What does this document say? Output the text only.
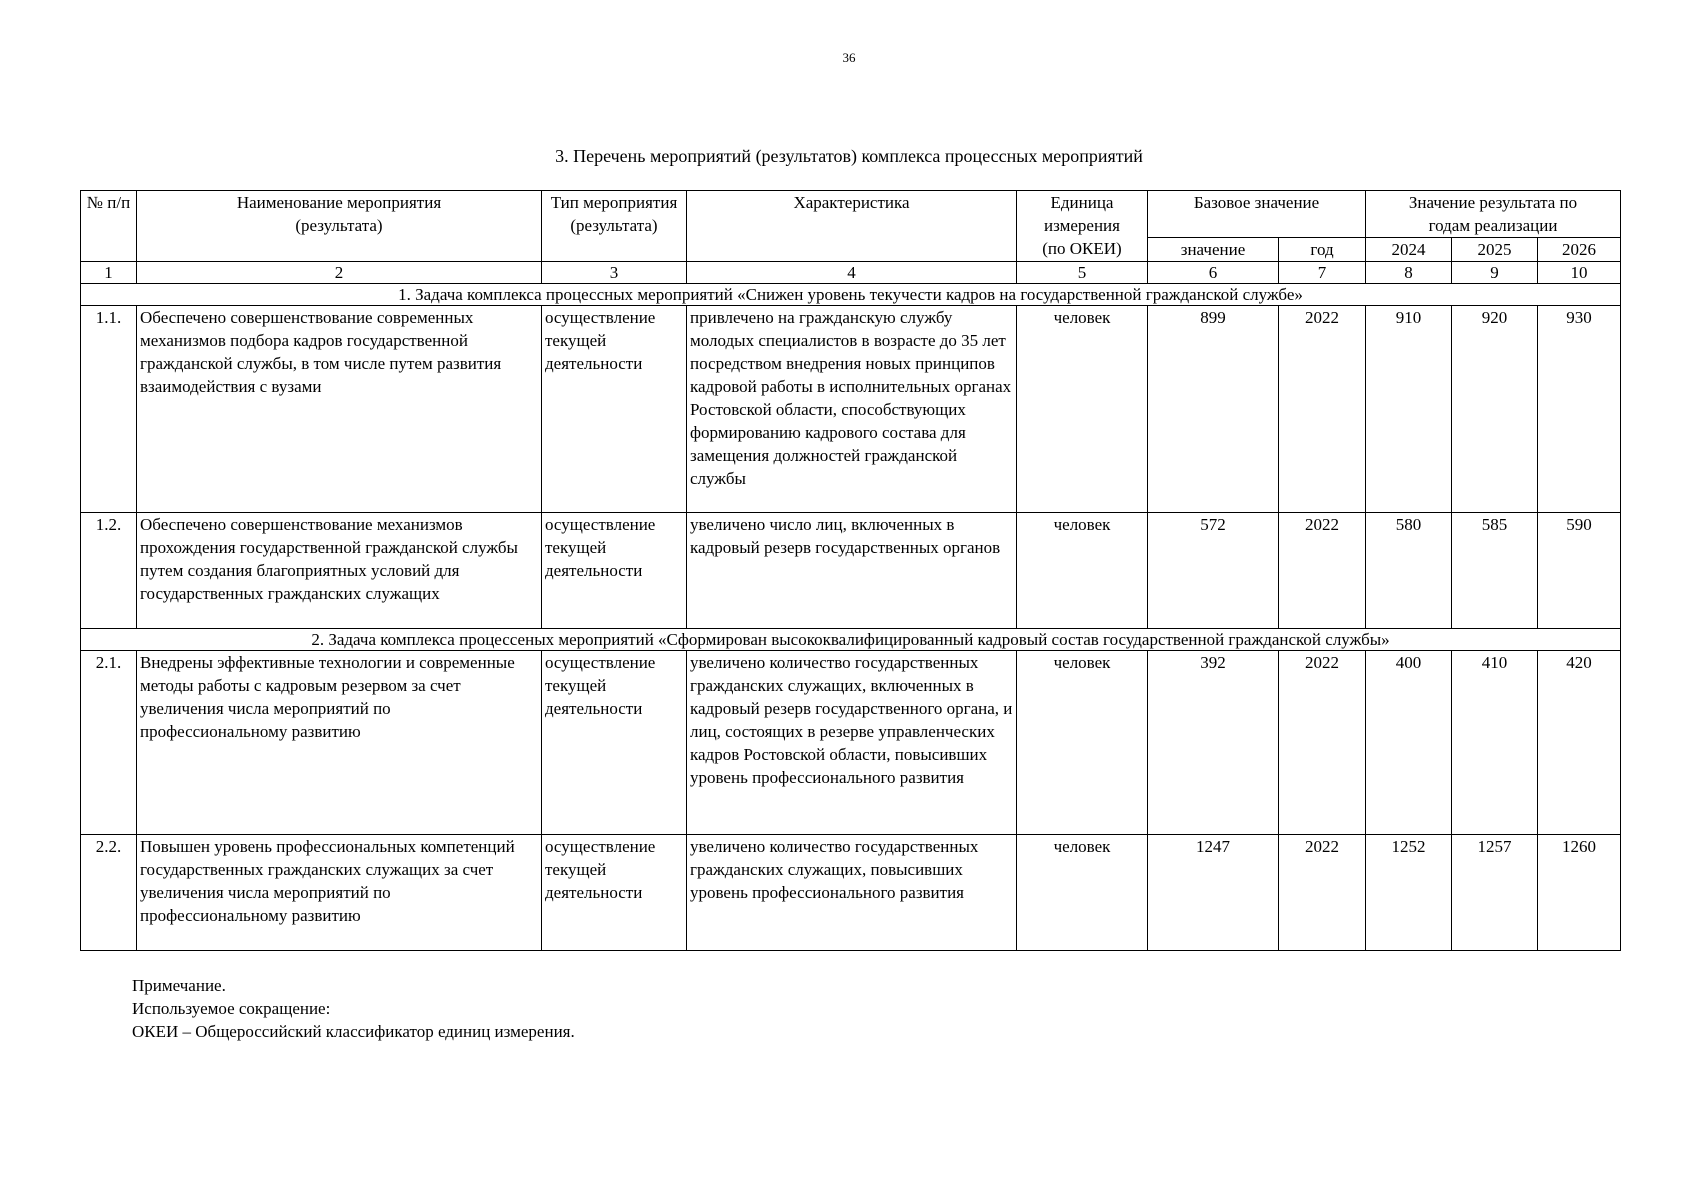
36
3. Перечень мероприятий (результатов) комплекса процессных мероприятий
№ п/п	Наименование мероприятия (результата)	Тип мероприятия (результата)	Характеристика	Единица измерения (по ОКЕИ)	Базовое значение		Значение результата по годам реализации		
					значение	год	2024	2025	2026
1	2	3	4	5	6	7	8	9	10
1. Задача комплекса процессных мероприятий «Снижен уровень текучести кадров на государственной гражданской службе»									
1.1.	Обеспечено совершенствование современных механизмов подбора кадров государственной гражданской службы, в том числе путем развития взаимодействия с вузами	осуществление текущей деятельности	привлечено на гражданскую службу молодых специалистов в возрасте до 35 лет посредством внедрения новых принципов кадровой работы в исполнительных органах Ростовской области, способствующих формированию кадрового состава для замещения должностей гражданской службы	человек	899	2022	910	920	930
1.2.	Обеспечено совершенствование механизмов прохождения государственной гражданской службы путем создания благоприятных условий для государственных гражданских служащих	осуществление текущей деятельности	увеличено число лиц, включенных в кадровый резерв государственных органов	человек	572	2022	580	585	590
2. Задача комплекса процессеных мероприятий «Сформирован высококвалифицированный кадровый состав государственной гражданской службы»									
2.1.	Внедрены эффективные технологии и современные методы работы с кадровым резервом за счет увеличения числа мероприятий по профессиональному развитию	осуществление текущей деятельности	увеличено количество государственных гражданских служащих, включенных в кадровый резерв государственного органа, и лиц, состоящих в резерве управленческих кадров Ростовской области, повысивших уровень профессионального развития	человек	392	2022	400	410	420
2.2.	Повышен уровень профессиональных компетенций государственных гражданских служащих за счет увеличения числа мероприятий по профессиональному развитию	осуществление текущей деятельности	увеличено количество государственных гражданских служащих, повысивших уровень профессионального развития	человек	1247	2022	1252	1257	1260
Примечание.
Используемое сокращение:
ОКЕИ – Общероссийский классификатор единиц измерения.
